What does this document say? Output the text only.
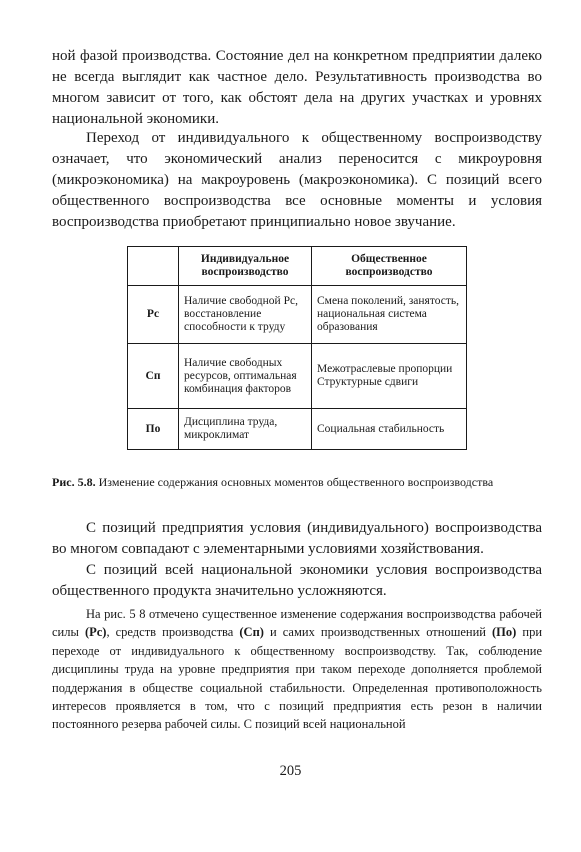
ной фазой производства. Состояние дел на конкретном предприятии далеко не всегда выглядит как частное дело. Результативность производства во многом зависит от того, как обстоят дела на других участках и уровнях национальной экономики.
Переход от индивидуального к общественному воспроизводству означает, что экономический анализ переносится с микроуровня (микроэкономика) на макроуровень (макроэкономика). С позиций всего общественного воспроизводства все основные моменты и условия воспроизводства приобретают принципиально новое звучание.
	Индивидуальное воспроизводство	Общественное воспроизводство
Рс	Наличие свободной Рс, восстановление способности к труду	Смена поколений, занятость, национальная система образования
Сп	Наличие свободных ресурсов, оптимальная комбинация факторов	Межотраслевые пропорции Структурные сдвиги
По	Дисциплина труда, микроклимат	Социальная стабильность
Рис. 5.8. Изменение содержания основных моментов общественного воспроизводства
С позиций предприятия условия (индивидуального) воспроизводства во многом совпадают с элементарными условиями хозяйствования.
С позиций всей национальной экономики условия воспроизводства общественного продукта значительно усложняются.
На рис. 5 8 отмечено существенное изменение содержания воспроизводства рабочей силы (Рс), средств производства (Сп) и самих производственных отношений (По) при переходе от индивидуального к общественному воспроизводству. Так, соблюдение дисциплины труда на уровне предприятия при таком переходе дополняется проблемой поддержания в обществе социальной стабильности. Определенная противоположность интересов проявляется в том, что с позиций предприятия есть резон в наличии постоянного резерва рабочей силы. С позиций всей национальной
205
